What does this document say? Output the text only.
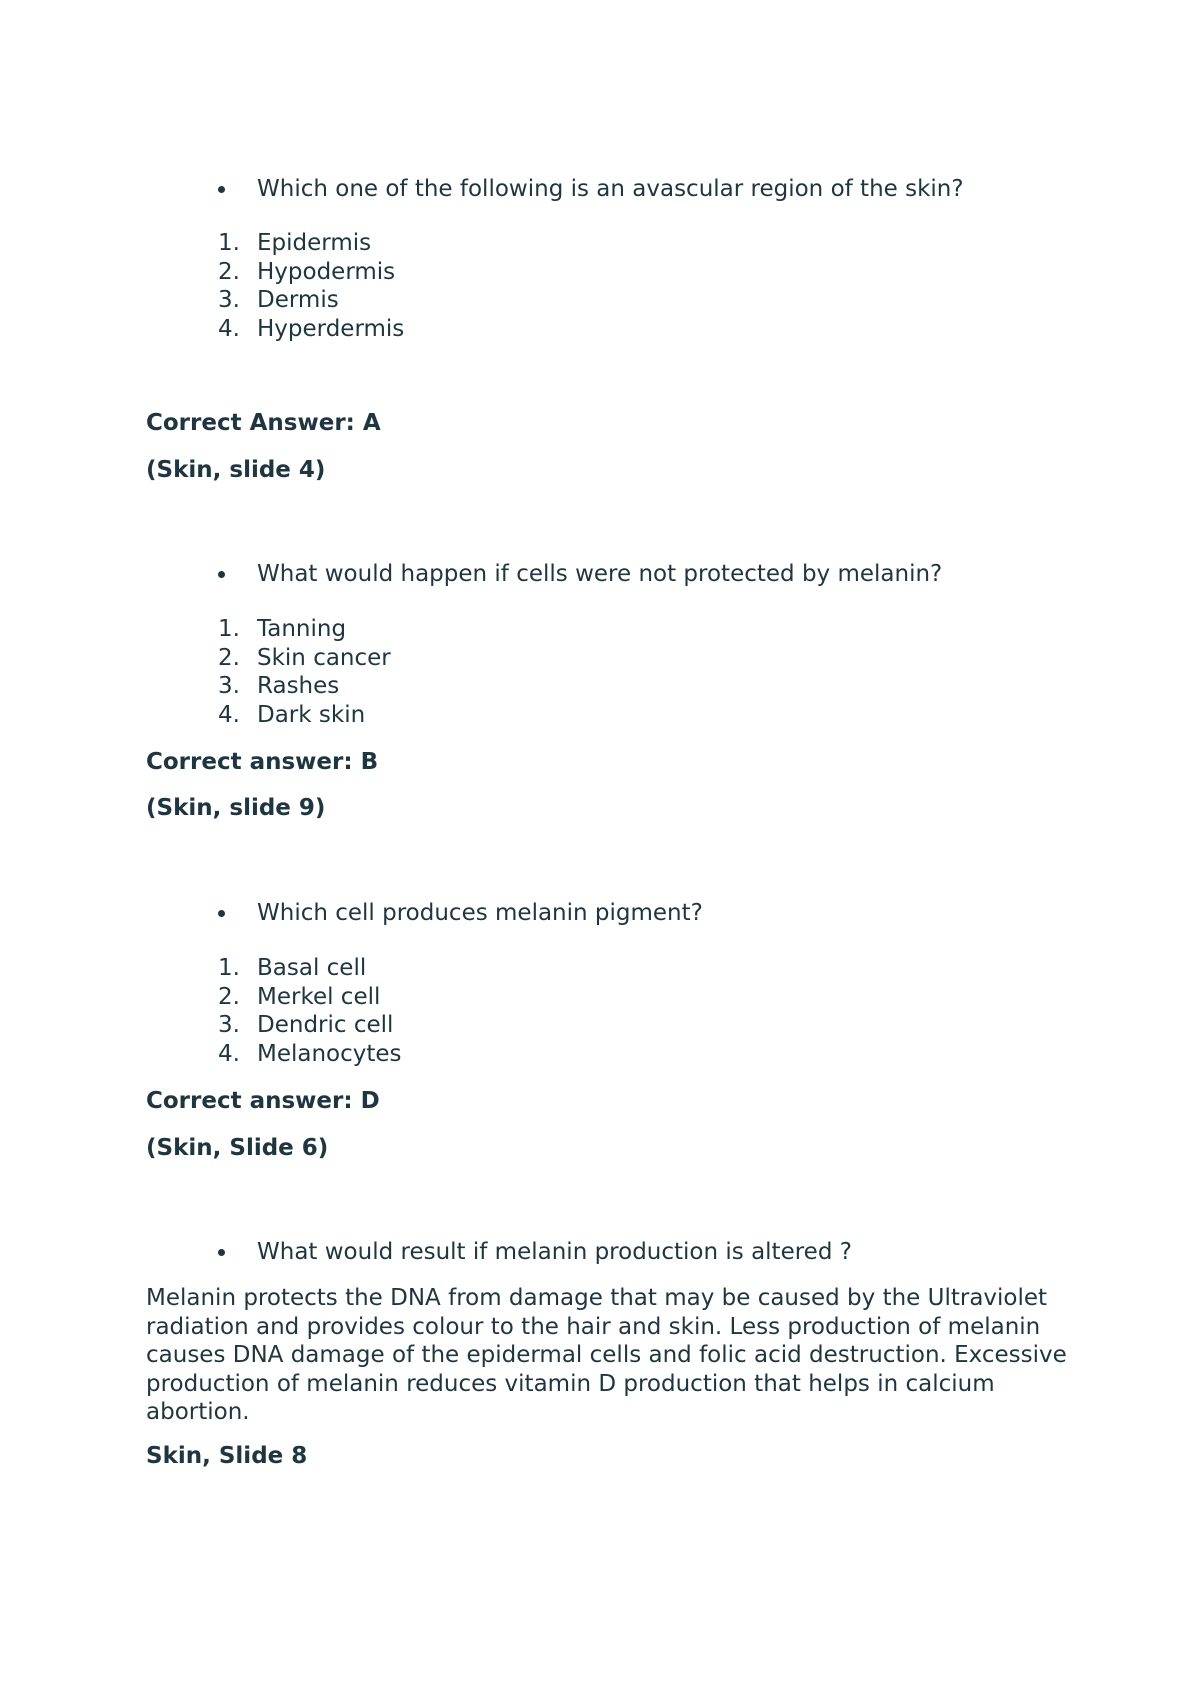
Which one of the following is an avascular region of the skin?
1. Epidermis
2. Hypodermis
3. Dermis
4. Hyperdermis
Correct Answer: A
(Skin, slide 4)
What would happen if cells were not protected by melanin?
1. Tanning
2. Skin cancer
3. Rashes
4. Dark skin
Correct answer: B
(Skin, slide 9)
Which cell produces melanin pigment?
1. Basal cell
2. Merkel cell
3. Dendric cell
4. Melanocytes
Correct answer: D
(Skin, Slide 6)
What would result if melanin production is altered ?

Melanin protects the DNA from damage that may be caused by the Ultraviolet radiation and provides colour to the hair and skin. Less production of melanin causes DNA damage of the epidermal cells and folic acid destruction. Excessive production of melanin reduces vitamin D production that helps in calcium abortion.

Skin, Slide 8
